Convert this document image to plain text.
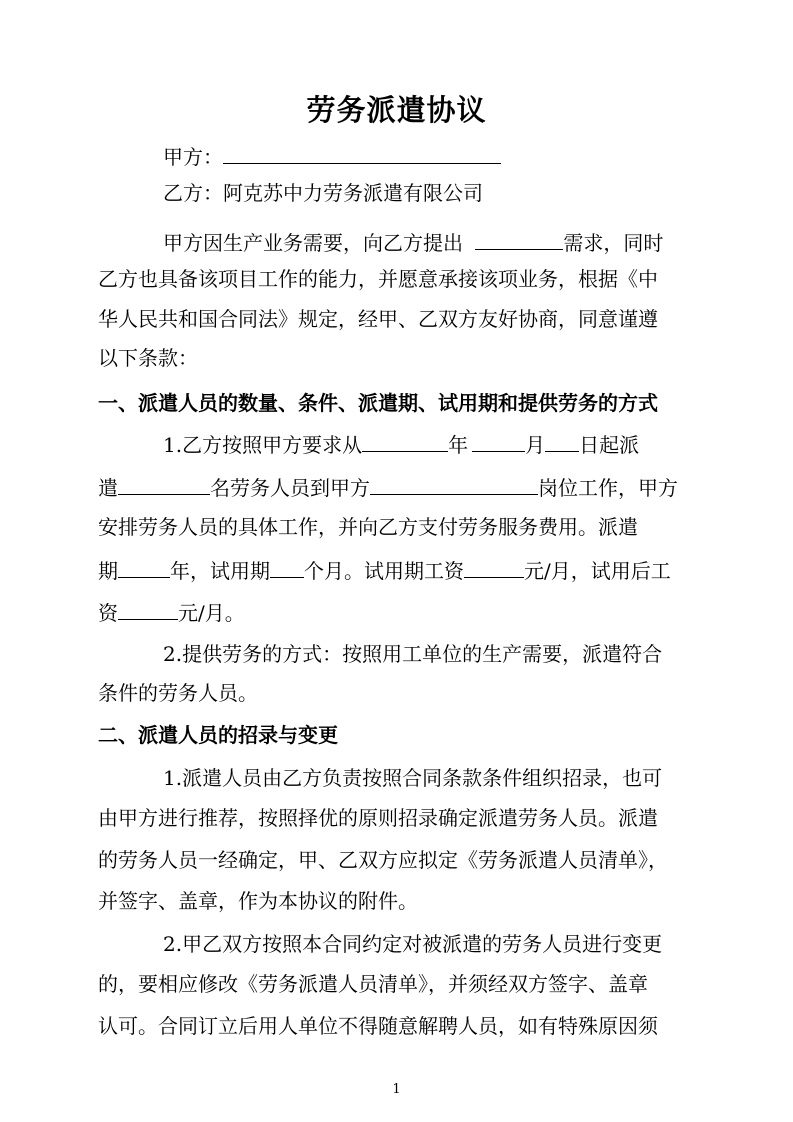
劳务派遣协议
甲方：
乙方：阿克苏中力劳务派遣有限公司
甲方因生产业务需要，向乙方提出	需求，同时
乙方也具备该项目工作的能力，并愿意承接该项业务，根据《中
华人民共和国合同法》规定，经甲、乙双方友好协商，同意谨遵
以下条款：
一、派遣人员的数量、条件、派遣期、试用期和提供劳务的方式
1.乙方按照甲方要求从	年	月 日起派
遣	名劳务人员到甲方	岗位工作，甲方
安排劳务人员的具体工作，并向乙方支付劳务服务费用。派遣
期	年，试用期 个月。试用期工资	元/月，试用后工
资	元/月。
2.提供劳务的方式：按照用工单位的生产需要，派遣符合
条件的劳务人员。
二、派遣人员的招录与变更
1.派遣人员由乙方负责按照合同条款条件组织招录，也可
由甲方进行推荐，按照择优的原则招录确定派遣劳务人员。派遣
的劳务人员一经确定，甲、乙双方应拟定《劳务派遣人员清单》，
并签字、盖章，作为本协议的附件。
2.甲乙双方按照本合同约定对被派遣的劳务人员进行变更
的，要相应修改《劳务派遣人员清单》，并须经双方签字、盖章
认可。合同订立后用人单位不得随意解聘人员，如有特殊原因须
1
